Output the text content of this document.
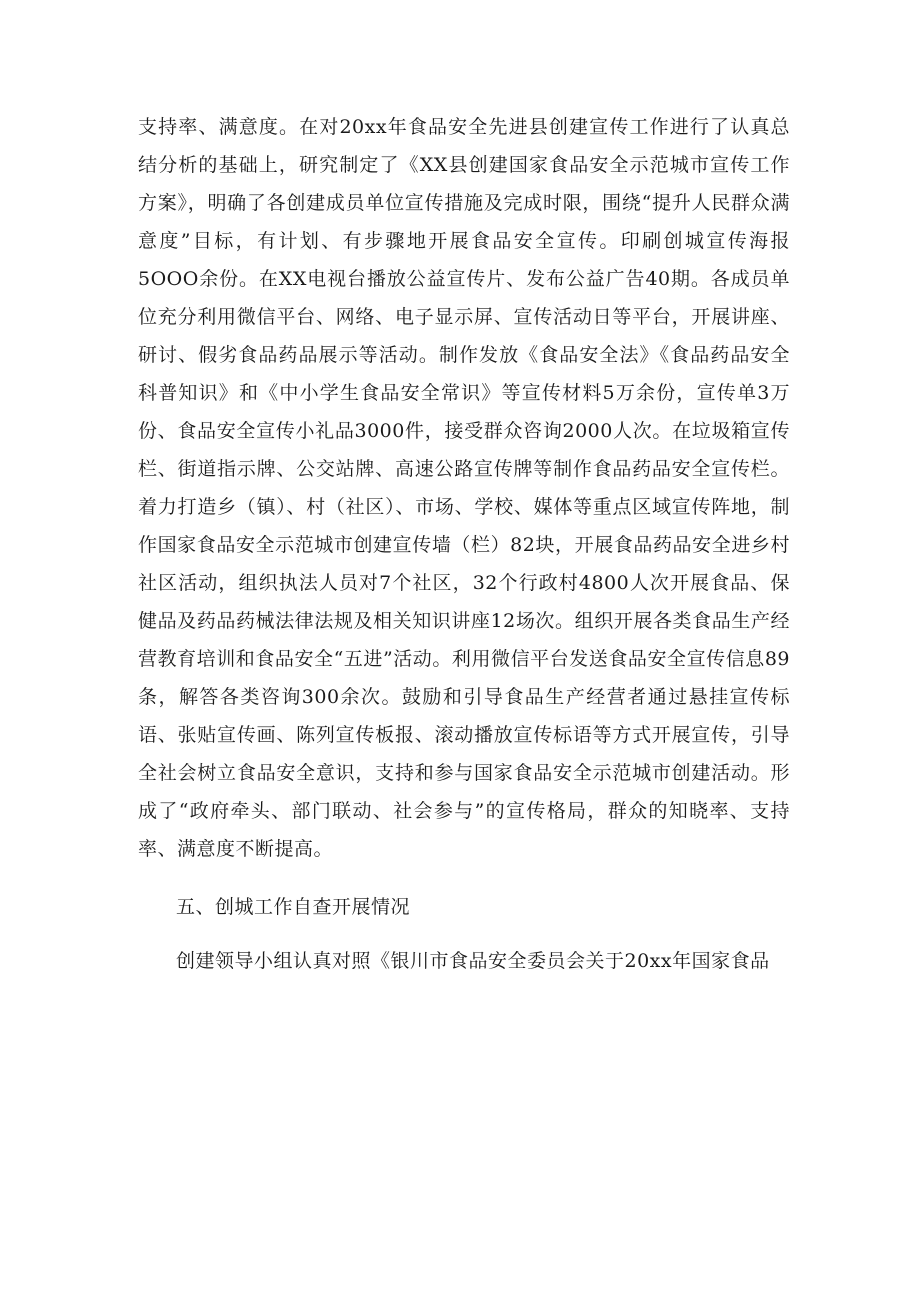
支持率、满意度。在对20xx年食品安全先进县创建宣传工作进行了认真总结分析的基础上，研究制定了《XX县创建国家食品安全示范城市宣传工作方案》，明确了各创建成员单位宣传措施及完成时限，围绕“提升人民群众满意度”目标，有计划、有步骤地开展食品安全宣传。印刷创城宣传海报5OOO余份。在XX电视台播放公益宣传片、发布公益广告40期。各成员单位充分利用微信平台、网络、电子显示屏、宣传活动日等平台，开展讲座、研讨、假劣食品药品展示等活动。制作发放《食品安全法》《食品药品安全科普知识》和《中小学生食品安全常识》等宣传材料5万余份，宣传单3万份、食品安全宣传小礼品3000件，接受群众咨询2000人次。在垃圾箱宣传栏、街道指示牌、公交站牌、高速公路宣传牌等制作食品药品安全宣传栏。着力打造乡（镇）、村（社区）、市场、学校、媒体等重点区域宣传阵地，制作国家食品安全示范城市创建宣传墙（栏）82块，开展食品药品安全进乡村社区活动，组织执法人员对7个社区，32个行政村4800人次开展食品、保健品及药品药械法律法规及相关知识讲座12场次。组织开展各类食品生产经营教育培训和食品安全“五进”活动。利用微信平台发送食品安全宣传信息89条，解答各类咨询300余次。鼓励和引导食品生产经营者通过悬挂宣传标语、张贴宣传画、陈列宣传板报、滚动播放宣传标语等方式开展宣传，引导全社会树立食品安全意识，支持和参与国家食品安全示范城市创建活动。形成了“政府牵头、部门联动、社会参与”的宣传格局，群众的知晓率、支持率、满意度不断提高。

五、创城工作自查开展情况

创建领导小组认真对照《银川市食品安全委员会关于20xx年国家食品
